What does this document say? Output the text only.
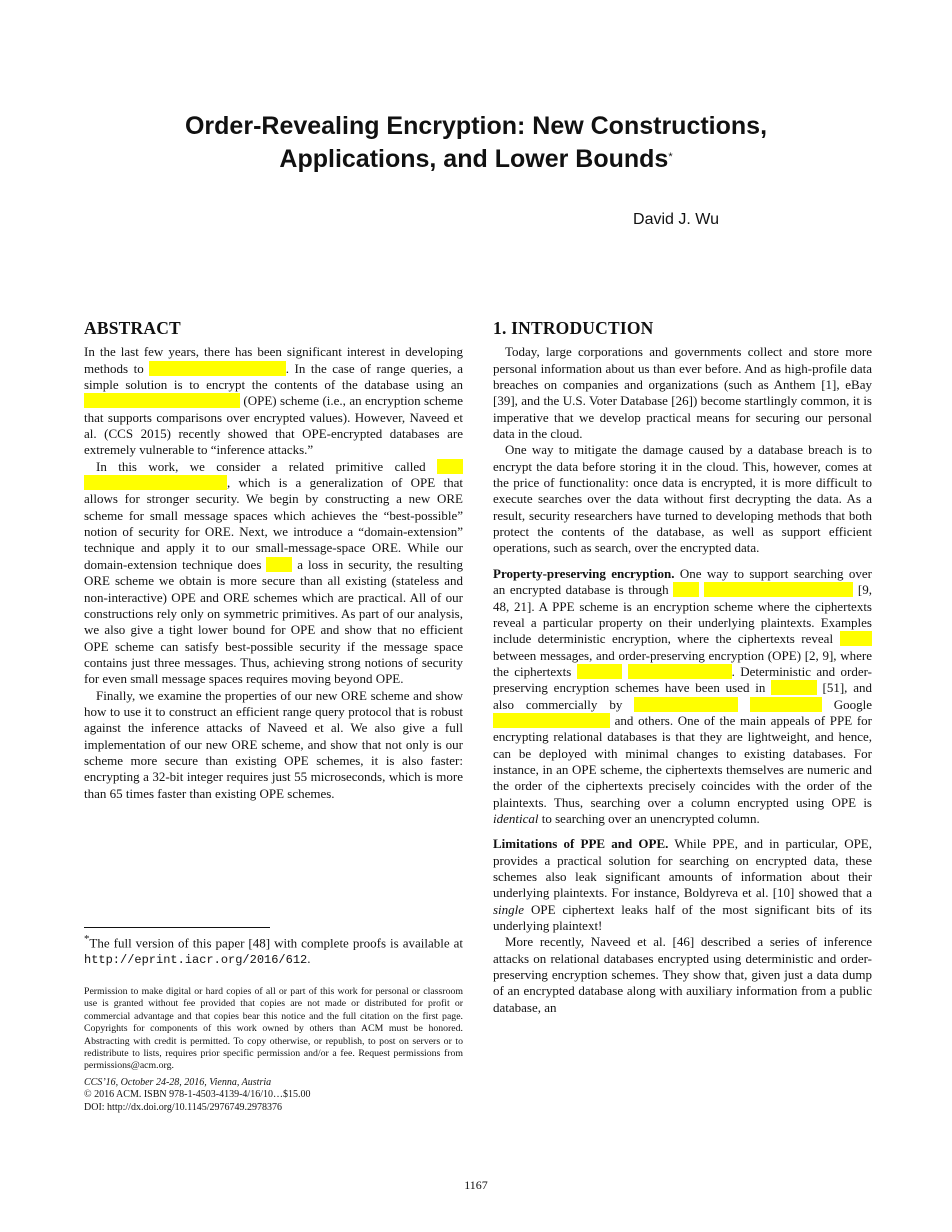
Order-Revealing Encryption: New Constructions,
Applications, and Lower Bounds*
David J. Wu
ABSTRACT

In the last few years, there has been significant interest in developing methods to            	. In the case of range queries, a simple solution is to encrypt the contents of the database using an              (OPE) scheme (i.e., an encryption scheme that supports comparisons over encrypted values). However, Naveed et al. (CCS 2015) recently showed that OPE-encrypted databases are extremely vulnerable to “inference attacks.”

In this work, we consider a related primitive called               , which is a generalization of OPE that allows for stronger security. We begin by constructing a new ORE scheme for small message spaces which achieves the “best-possible” notion of security for ORE. Next, we introduce a “domain-extension” technique and apply it to our small-message-space ORE. While our domain-extension technique does    a loss in security, the resulting ORE scheme we obtain is more secure than all existing (stateless and non-interactive) OPE and ORE schemes which are practical. All of our constructions rely only on symmetric primitives. As part of our analysis, we also give a tight lower bound for OPE and show that no efficient OPE scheme can satisfy best-possible security if the message space contains just three messages. Thus, achieving strong notions of security for even small message spaces requires moving beyond OPE.

Finally, we examine the properties of our new ORE scheme and show how to use it to construct an efficient range query protocol that is robust against the inference attacks of Naveed et al. We also give a full implementation of our new ORE scheme, and show that not only is our scheme more secure than existing OPE schemes, it is also faster: encrypting a 32-bit integer requires just 55 microseconds, which is more than 65 times faster than existing OPE schemes.

*The full version of this paper [48] with complete proofs is available at http://eprint.iacr.org/2016/612.
Permission to make digital or hard copies of all or part of this work for personal or classroom use is granted without fee provided that copies are not made or distributed for profit or commercial advantage and that copies bear this notice and the full citation on the first page. Copyrights for components of this work owned by others than ACM must be honored. Abstracting with credit is permitted. To copy otherwise, or republish, to post on servers or to redistribute to lists, requires prior specific permission and/or a fee. Request permissions from permissions@acm.org.
CCS’16, October 24-28, 2016, Vienna, Austria
© 2016 ACM. ISBN 978-1-4503-4139-4/16/10…$15.00
DOI: http://dx.doi.org/10.1145/2976749.2978376
1. INTRODUCTION

Today, large corporations and governments collect and store more personal information about us than ever before. And as high-profile data breaches on companies and organizations (such as Anthem [1], eBay [39], and the U.S. Voter Database [26]) become startlingly common, it is imperative that we develop practical means for securing our personal data in the cloud.

One way to mitigate the damage caused by a database breach is to encrypt the data before storing it in the cloud. This, however, comes at the price of functionality: once data is encrypted, it is more difficult to execute searches over the data without first decrypting the data. As a result, security researchers have turned to developing methods that both protect the contents of the database, as well as support efficient operations, such as search, over the encrypted data.

Property-preserving encryption. One way to support searching over an encrypted database is through                	[9, 48, 21]. A PPE scheme is an encryption scheme where the ciphertexts reveal a particular property on their underlying plaintexts. Examples include deterministic encryption, where the ciphertexts reveal     between messages, and order-preserving encryption (OPE) [2, 9], where the ciphertexts              	. Deterministic and order-preserving encryption schemes have been used in     	[51], and also commercially by                	Google           and others. One of the main appeals of PPE for encrypting relational databases is that they are lightweight, and hence, can be deployed with minimal changes to existing databases. For instance, in an OPE scheme, the ciphertexts themselves are numeric and the order of the ciphertexts precisely coincides with the order of the plaintexts. Thus, searching over a column encrypted using OPE is identical to searching over an unencrypted column.

Limitations of PPE and OPE. While PPE, and in particular, OPE, provides a practical solution for searching on encrypted data, these schemes also leak significant amounts of information about their underlying plaintexts. For instance, Boldyreva et al. [10] showed that a single OPE ciphertext leaks half of the most significant bits of its underlying plaintext!

More recently, Naveed et al. [46] described a series of inference attacks on relational databases encrypted using deterministic and order-preserving encryption schemes. They show that, given just a data dump of an encrypted database along with auxiliary information from a public database, an

1167
